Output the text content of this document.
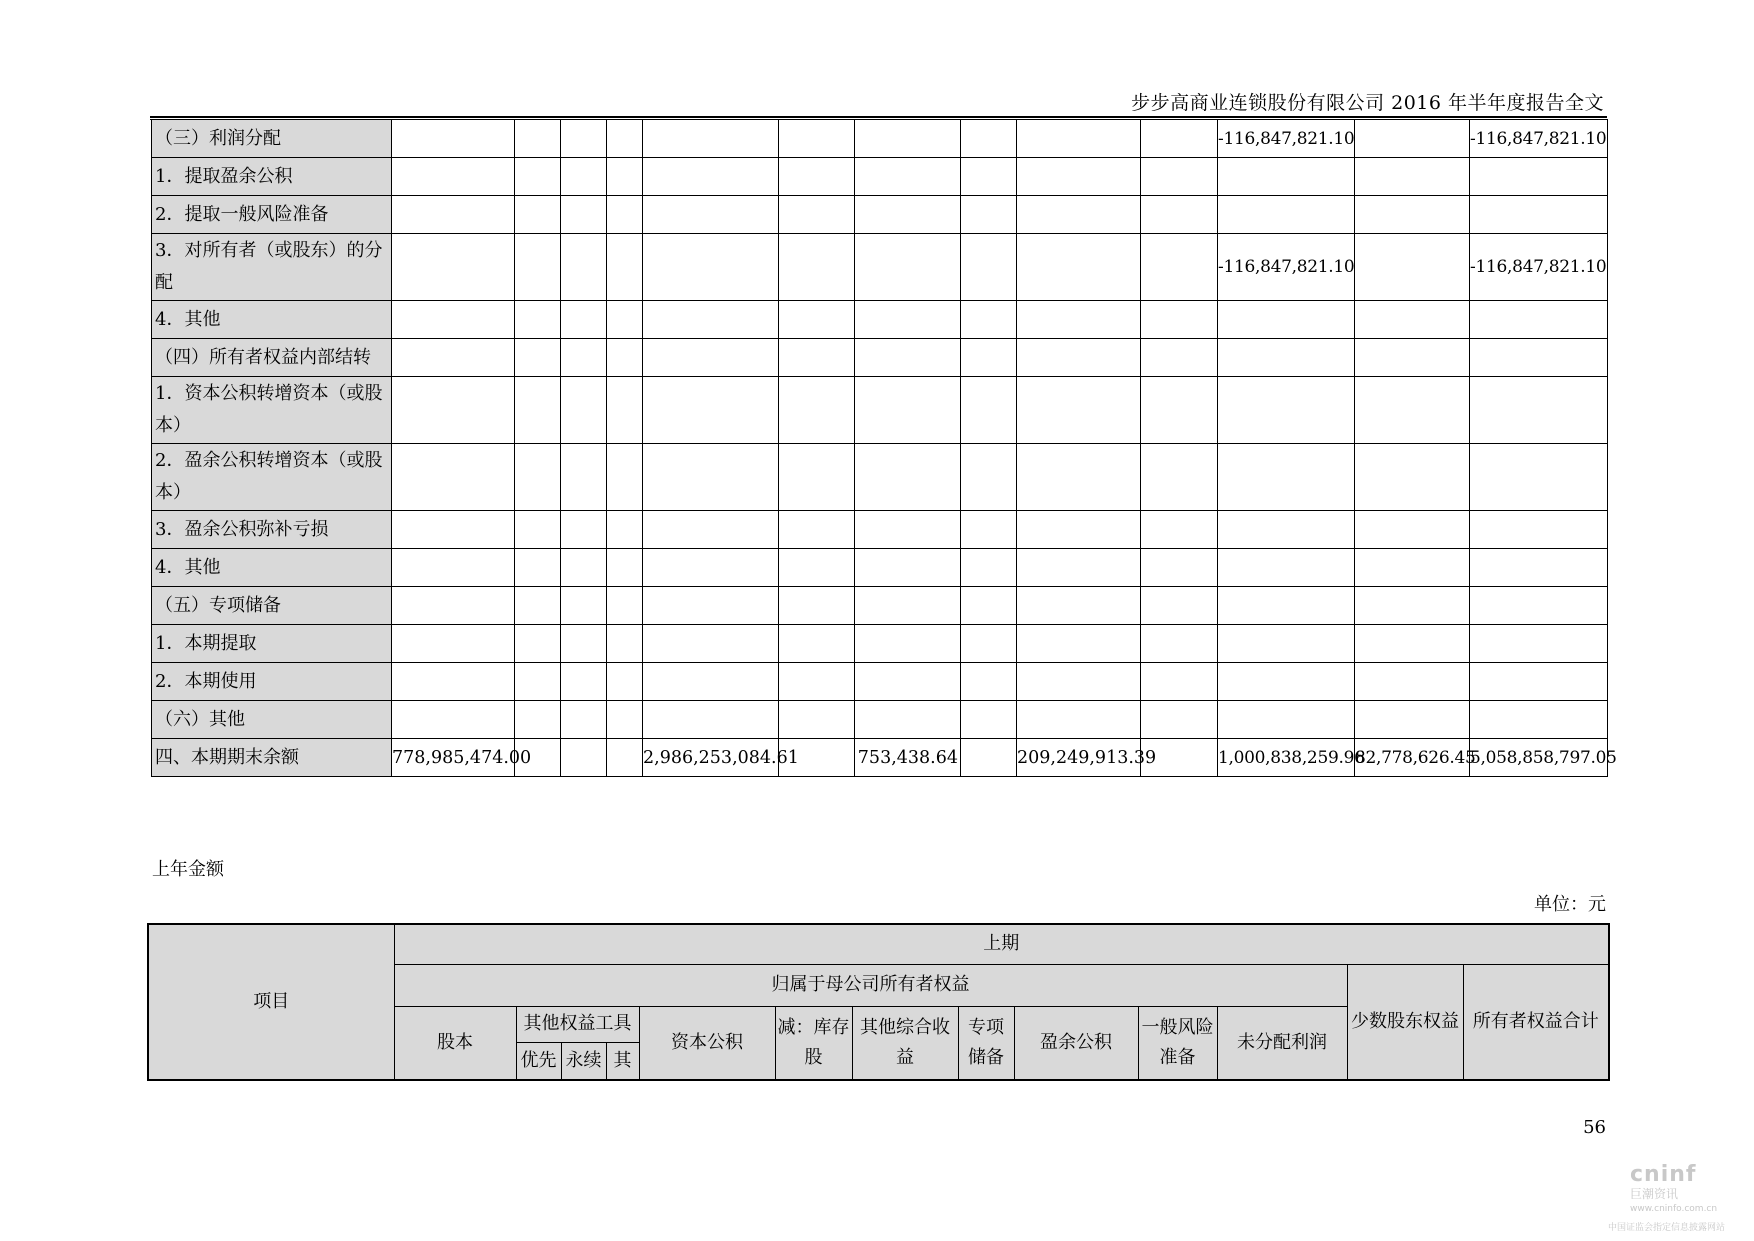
步步高商业连锁股份有限公司 2016 年半年度报告全文
（三）利润分配											-116,847,821.10		-116,847,821.10
1．提取盈余公积													
2．提取一般风险准备													
3．对所有者（或股东）的分配											-116,847,821.10		-116,847,821.10
4．其他													
（四）所有者权益内部结转													
1．资本公积转增资本（或股本）													
2．盈余公积转增资本（或股本）													
3．盈余公积弥补亏损													
4．其他													
（五）专项储备													
1．本期提取													
2．本期使用													
（六）其他													
四、本期期末余额	778,985,474.00				2,986,253,084.61		753,438.64		209,249,913.39		1,000,838,259.96	82,778,626.45	5,058,858,797.05
上年金额
单位：元
项目	上期												
	归属于母公司所有者权益											少数股东权益	所有者权益合计
	股本	其他权益工具			资本公积	减：库存股	其他综合收益	专项储备	盈余公积	一般风险准备	未分配利润		
		优先	永续	其									
56
cninf
巨潮资讯
www.cninfo.com.cn
中国证监会指定信息披露网站
